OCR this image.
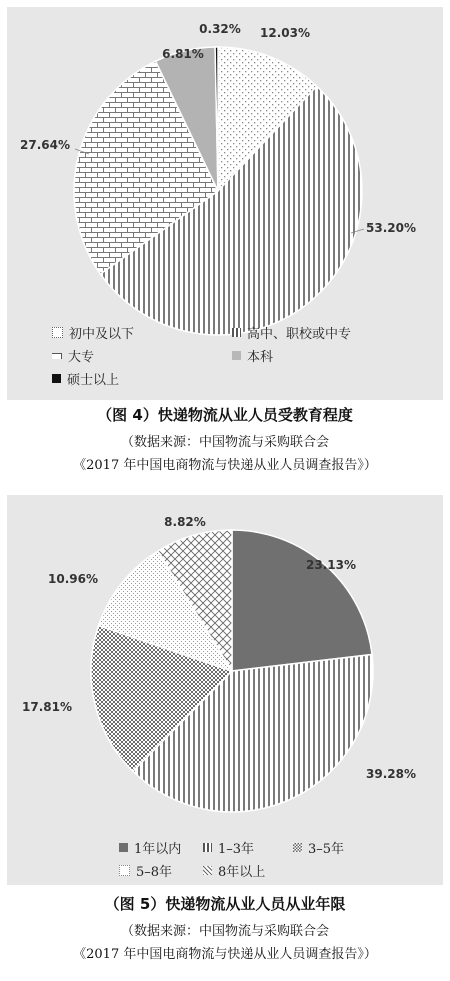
12.03%
53.20%
27.64%
6.81%
0.32%
初中及以下	高中、职校或中专
大专	本科
硕士以上
（图 4）快递物流从业人员受教育程度
（数据来源：中国物流与采购联合会
《2017 年中国电商物流与快递从业人员调查报告》）
23.13%
39.28%
17.81%
10.96%
8.82%
1年以内	1–3年	3–5年
5–8年	8年以上
（图 5）快递物流从业人员从业年限
（数据来源：中国物流与采购联合会
《2017 年中国电商物流与快递从业人员调查报告》）
